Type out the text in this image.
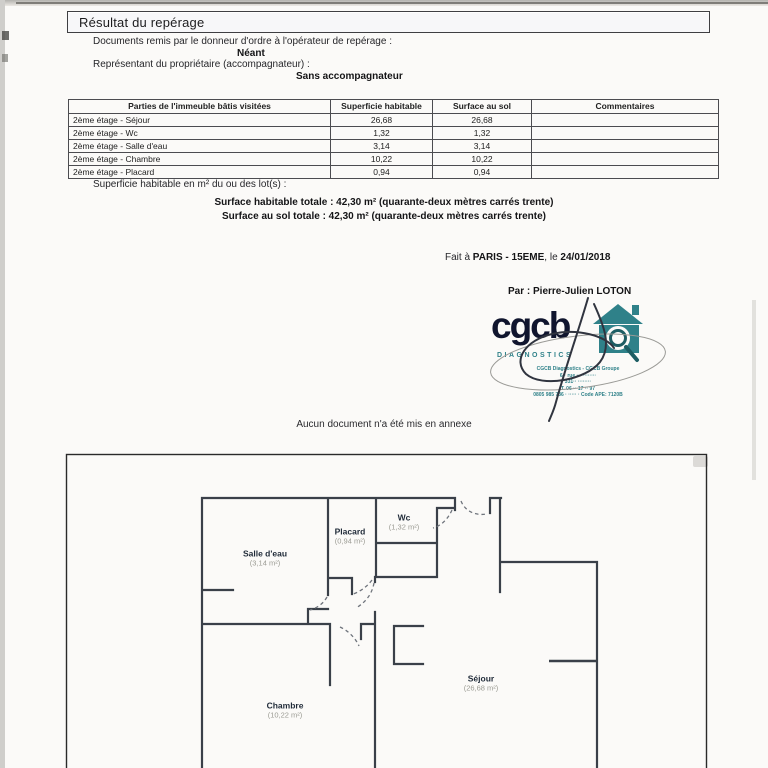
Résultat du repérage
Documents remis par le donneur d'ordre à l'opérateur de repérage :
Néant
Représentant du propriétaire (accompagnateur) :
Sans accompagnateur
Parties de l'immeuble bâtis visitées	Superficie habitable	Surface au sol	Commentaires
2ème étage - Séjour	26,68	26,68	
2ème étage - Wc	1,32	1,32	
2ème étage - Salle d'eau	3,14	3,14	
2ème étage - Chambre	10,22	10,22	
2ème étage - Placard	0,94	0,94	
Superficie habitable en m² du ou des lot(s) :
Surface habitable totale : 42,30 m² (quarante-deux mètres carrés trente)
Surface au sol totale : 42,30 m² (quarante-deux mètres carrés trente)
Fait à PARIS - 15EME, le 24/01/2018
Par : Pierre-Julien LOTON
cgcb
DIAGNOSTICS
CGCB Diagnostics - CGCB Groupe
6·· rue ··· ········
331·· ········
T. 06 ·· 17 ·· 97
0805 985 736 · ····· · Code APE: 7120B
Aucun document n'a été mis en annexe
Salle d'eau
(3,14 m²)
Placard
(0,94 m²)
Wc
(1,32 m²)
Séjour
(26,68 m²)
Chambre
(10,22 m²)
